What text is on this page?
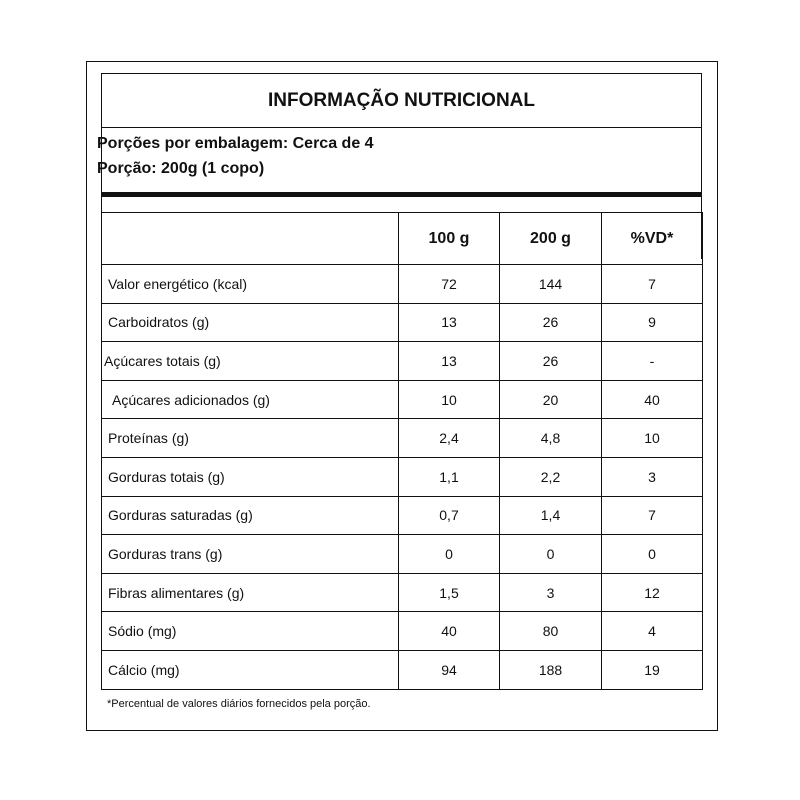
INFORMAÇÃO NUTRICIONAL
Porções por embalagem: Cerca de 4
Porção: 200g (1 copo)
	100 g	200 g	%VD*
Valor energético (kcal)	72	144	7
Carboidratos (g)	13	26	9
Açúcares totais (g)	13	26	-
Açúcares adicionados (g)	10	20	40
Proteínas (g)	2,4	4,8	10
Gorduras totais (g)	1,1	2,2	3
Gorduras saturadas (g)	0,7	1,4	7
Gorduras trans (g)	0	0	0
Fibras alimentares (g)	1,5	3	12
Sódio (mg)	40	80	4
Cálcio (mg)	94	188	19
*Percentual de valores diários fornecidos pela porção.
